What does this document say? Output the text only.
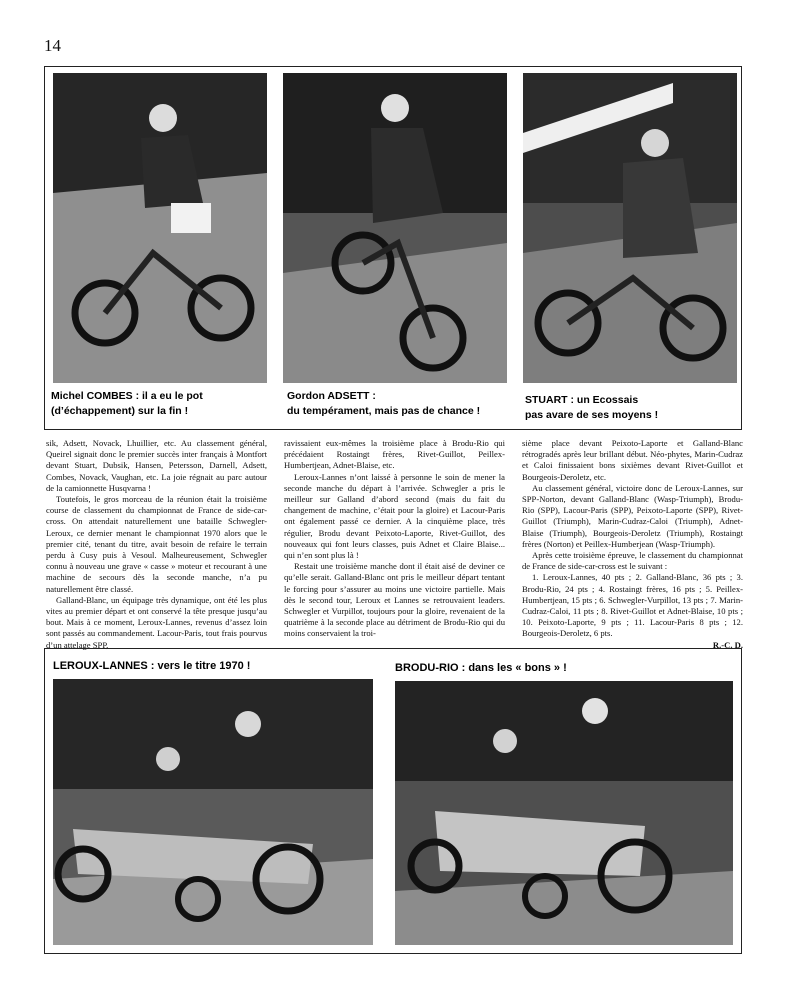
14
Michel COMBES : il a eu le pot
(d’échappement) sur la fin !
Gordon ADSETT :
du tempérament, mais pas de chance !
STUART : un Ecossais
pas avare de ses moyens !

sik, Adsett, Novack, Lhuillier, etc. Au classement général, Queirel signait donc le premier succès inter français à Montfort devant Stuart, Dubsik, Hansen, Petersson, Darnell, Adsett, Combes, Novack, Vaughan, etc. La joie régnait au parc autour de la camionnette Husqvarna !

Toutefois, le gros morceau de la réunion était la troisième course de classement du championnat de France de side-car-cross. On attendait naturellement une bataille Schwegler-Leroux, ce dernier menant le championnat 1970 alors que le premier cité, tenant du titre, avait besoin de refaire le terrain perdu à Cusy puis à Vesoul. Malheureusement, Schwegler connu à nouveau une grave « casse » moteur et recourant à une machine de secours dès la seconde manche, n’a pu naturellement être classé.

Galland-Blanc, un équipage très dynamique, ont été les plus vites au premier départ et ont conservé la tête presque jusqu’au bout. Mais à ce moment, Leroux-Lannes, revenus d’assez loin sont passés au commandement. Lacour-Paris, tout frais pourvus d’un attelage SPP,

ravissaient eux-mêmes la troisième place à Brodu-Rio qui précédaient Rostaingt frères, Rivet-Guillot, Peillex-Humbertjean, Adnet-Blaise, etc.

Leroux-Lannes n’ont laissé à personne le soin de mener la seconde manche du départ à l’arrivée. Schwegler a pris le meilleur sur Galland d’abord second (mais du fait du changement de machine, c’était pour la gloire) et Lacour-Paris ont également passé ce dernier. A la cinquième place, très régulier, Brodu devant Peixoto-Laporte, Rivet-Guillot, des nouveaux qui font leurs classes, puis Adnet et Claire Blaise... qui n’en sont plus là !

Restait une troisième manche dont il était aisé de deviner ce qu’elle serait. Galland-Blanc ont pris le meilleur départ tentant le forcing pour s’assurer au moins une victoire partielle. Mais dès le second tour, Leroux et Lannes se retrouvaient leaders. Schwegler et Vurpillot, toujours pour la gloire, revenaient de la quatrième à la seconde place au détriment de Brodu-Rio qui du moins conservaient la troi-

sième place devant Peixoto-Laporte et Galland-Blanc rétrogradés après leur brillant début. Néo-phytes, Marin-Cudraz et Caloi finissaient bons sixièmes devant Rivet-Guillot et Bourgeois-Deroletz, etc.

Au classement général, victoire donc de Leroux-Lannes, sur SPP-Norton, devant Galland-Blanc (Wasp-Triumph), Brodu-Rio (SPP), Lacour-Paris (SPP), Peixoto-Laporte (SPP), Rivet-Guillot (Triumph), Marin-Cudraz-Caloi (Triumph), Adnet-Blaise (Triumph), Bourgeois-Deroletz (Triumph), Rostaingt frères (Norton) et Peillex-Humberjean (Wasp-Triumph).

Après cette troisième épreuve, le classement du championnat de France de side-car-cross est le suivant :

1. Leroux-Lannes, 40 pts ; 2. Galland-Blanc, 36 pts ; 3. Brodu-Rio, 24 pts ; 4. Rostaingt frères, 16 pts ; 5. Peillex-Humbertjean, 15 pts ; 6. Schwegler-Vurpillot, 13 pts ; 7. Marin-Cudraz-Caloi, 11 pts ; 8. Rivet-Guillot et Adnet-Blaise, 10 pts ; 10. Peixoto-Laporte, 9 pts ; 11. Lacour-Paris 8 pts ; 12. Bourgeois-Deroletz, 6 pts.

R.-C. D.

LEROUX-LANNES : vers le titre 1970 !	BRODU-RIO : dans les « bons » !
